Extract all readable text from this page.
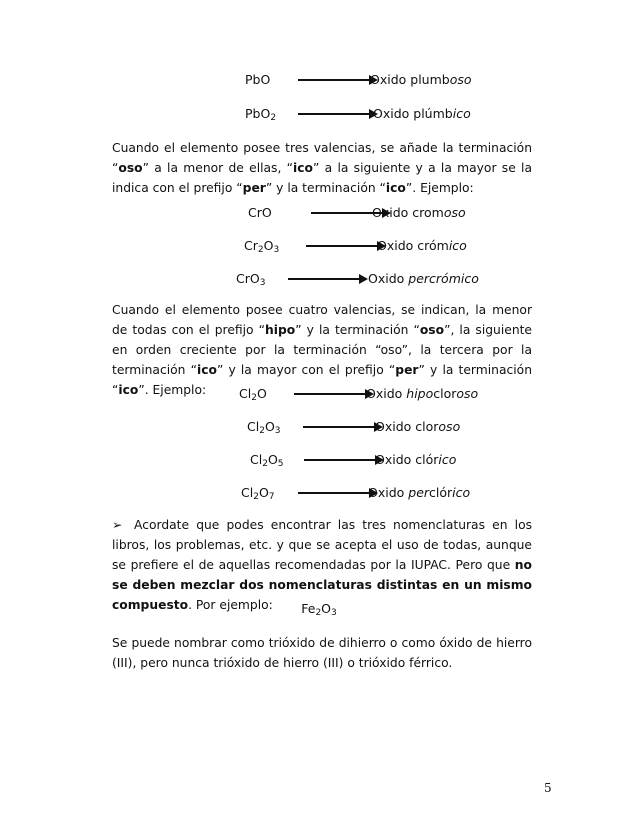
PbO	Oxido plumboso
PbO$_2$	Oxido plúmbico

Cuando el elemento posee tres valencias, se añade la terminación “oso” a la menor de ellas, “ico” a la siguiente y a la mayor se la indica con el prefijo “per” y la terminación “ico”. Ejemplo:

CrO	Oxido cromoso
$Cr_2O_3$	Oxido crómico
CrO$_3$	Oxido percrómico

Cuando el elemento posee cuatro valencias, se indican, la menor de todas con el prefijo “hipo” y la terminación “oso”, la siguiente en orden creciente por la terminación “oso”, la tercera por la terminación “ico” y la mayor con el prefijo “per” y la terminación “ico”. Ejemplo:	$Cl_2O$	Oxido hipocloroso
$Cl_2O_3$	Oxido cloroso
$Cl_2O_5$	Oxido clórico
$Cl_2O_7$	Oxido perclórico

➢ Acordate que podes encontrar las tres nomenclaturas en los libros, los problemas, etc. y que se acepta el uso de todas, aunque se prefiere el de aquellas recomendadas por la IUPAC. Pero que no se deben mezclar dos nomenclaturas distintas en un mismo compuesto. Por ejemplo:	$Fe_2O_3$

Se puede nombrar como trióxido de dihierro o como óxido de hierro (III), pero nunca trióxido de hierro (III) o trióxido férrico.

5
